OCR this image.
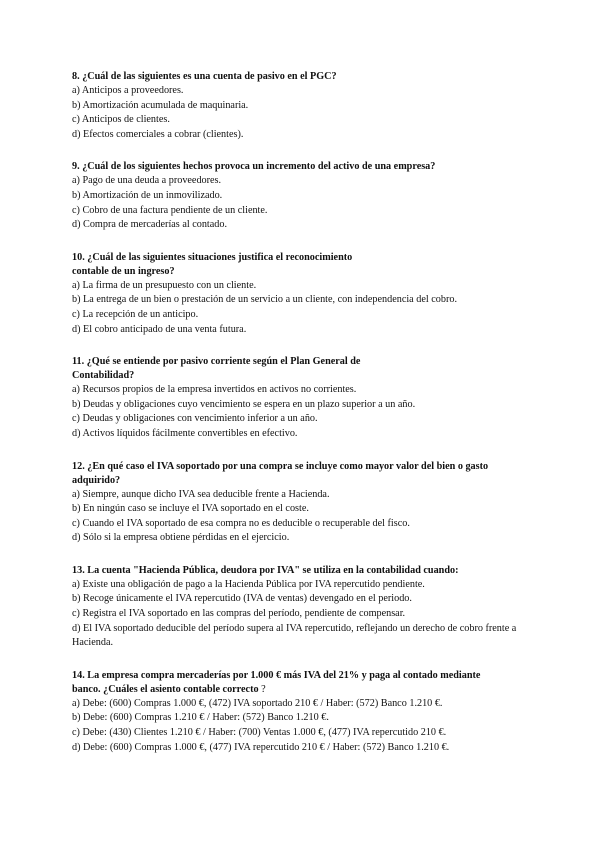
8. ¿Cuál de las siguientes es una cuenta de pasivo en el PGC?

a) Anticipos a proveedores.

b) Amortización acumulada de maquinaria.

c) Anticipos de clientes.

d) Efectos comerciales a cobrar (clientes).

9. ¿Cuál de los siguientes hechos provoca un incremento del activo de una empresa?

a) Pago de una deuda a proveedores.

b) Amortización de un inmovilizado.

c) Cobro de una factura pendiente de un cliente.

d) Compra de mercaderías al contado.

10. ¿Cuál de las siguientes situaciones justifica el reconocimiento

contable de un ingreso?

a) La firma de un presupuesto con un cliente.

b) La entrega de un bien o prestación de un servicio a un cliente, con independencia del cobro.

c) La recepción de un anticipo.

d) El cobro anticipado de una venta futura.

11. ¿Qué se entiende por pasivo corriente según el Plan General de

Contabilidad?

a) Recursos propios de la empresa invertidos en activos no corrientes.

b) Deudas y obligaciones cuyo vencimiento se espera en un plazo superior a un año.

c) Deudas y obligaciones con vencimiento inferior a un año.

d) Activos líquidos fácilmente convertibles en efectivo.

12. ¿En qué caso el IVA soportado por una compra se incluye como mayor valor del bien o gasto

adquirido?

a) Siempre, aunque dicho IVA sea deducible frente a Hacienda.

b) En ningún caso se incluye el IVA soportado en el coste.

c) Cuando el IVA soportado de esa compra no es deducible o recuperable del fisco.

d) Sólo si la empresa obtiene pérdidas en el ejercicio.

13. La cuenta "Hacienda Pública, deudora por IVA" se utiliza en la contabilidad cuando:

a) Existe una obligación de pago a la Hacienda Pública por IVA repercutido pendiente.

b) Recoge únicamente el IVA repercutido (IVA de ventas) devengado en el periodo.

c) Registra el IVA soportado en las compras del período, pendiente de compensar.

d) El IVA soportado deducible del período supera al IVA repercutido, reflejando un derecho de cobro frente a Hacienda.

14. La empresa compra mercaderías por 1.000 € más IVA del 21% y paga al contado mediante

banco. ¿Cuáles el asiento contable correcto ?

a) Debe: (600) Compras 1.000 €, (472) IVA soportado 210 € / Haber: (572) Banco 1.210 €.

b) Debe: (600) Compras 1.210 € / Haber: (572) Banco 1.210 €.

c) Debe: (430) Clientes 1.210 € / Haber: (700) Ventas 1.000 €, (477) IVA repercutido 210 €.

d) Debe: (600) Compras 1.000 €, (477) IVA repercutido 210 € / Haber: (572) Banco 1.210 €.
